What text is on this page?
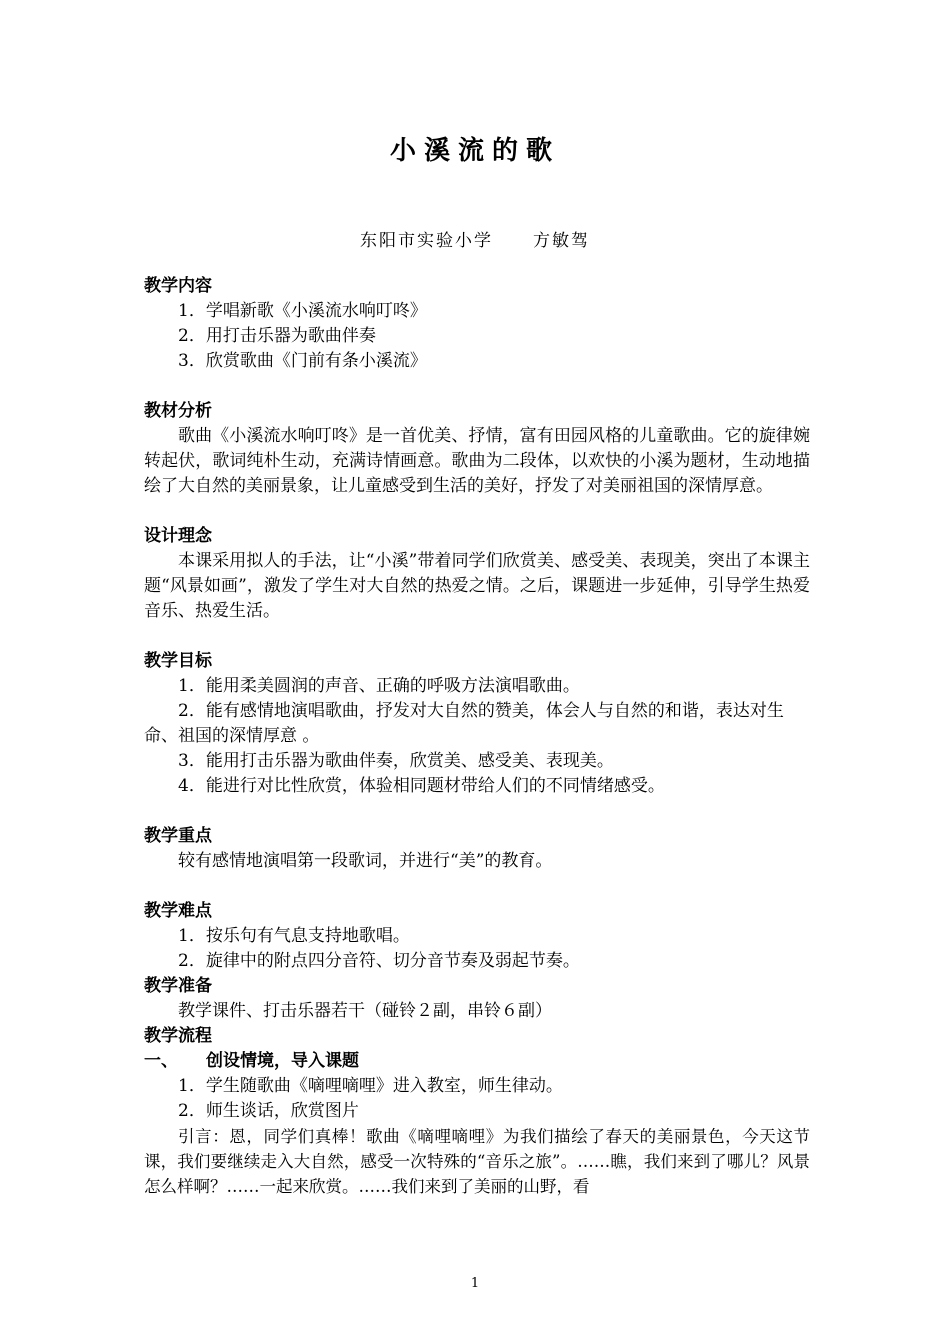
小溪流的歌
东阳市实验小学 方敏驾

教学内容

1．学唱新歌《小溪流水响叮咚》

2．用打击乐器为歌曲伴奏

3．欣赏歌曲《门前有条小溪流》

教材分析

歌曲《小溪流水响叮咚》是一首优美、抒情，富有田园风格的儿童歌曲。它的旋律婉转起伏，歌词纯朴生动，充满诗情画意。歌曲为二段体，以欢快的小溪为题材，生动地描绘了大自然的美丽景象，让儿童感受到生活的美好，抒发了对美丽祖国的深情厚意。

设计理念

本课采用拟人的手法，让“小溪”带着同学们欣赏美、感受美、表现美，突出了本课主题“风景如画”，激发了学生对大自然的热爱之情。之后，课题进一步延伸，引导学生热爱音乐、热爱生活。

教学目标

1．能用柔美圆润的声音、正确的呼吸方法演唱歌曲。

2．能有感情地演唱歌曲，抒发对大自然的赞美，体会人与自然的和谐，表达对生命、祖国的深情厚意 。

3．能用打击乐器为歌曲伴奏，欣赏美、感受美、表现美。

4．能进行对比性欣赏，体验相同题材带给人们的不同情绪感受。

教学重点

较有感情地演唱第一段歌词，并进行“美”的教育。

教学难点

1．按乐句有气息支持地歌唱。

2．旋律中的附点四分音符、切分音节奏及弱起节奏。

教学准备

教学课件、打击乐器若干（碰铃２副，串铃６副）

教学流程

一、 创设情境，导入课题

1．学生随歌曲《嘀哩嘀哩》进入教室，师生律动。

2．师生谈话，欣赏图片

引言：恩，同学们真棒！歌曲《嘀哩嘀哩》为我们描绘了春天的美丽景色，今天这节课，我们要继续走入大自然，感受一次特殊的“音乐之旅”。……瞧，我们来到了哪儿？风景怎么样啊？……一起来欣赏。……我们来到了美丽的山野，看

1
